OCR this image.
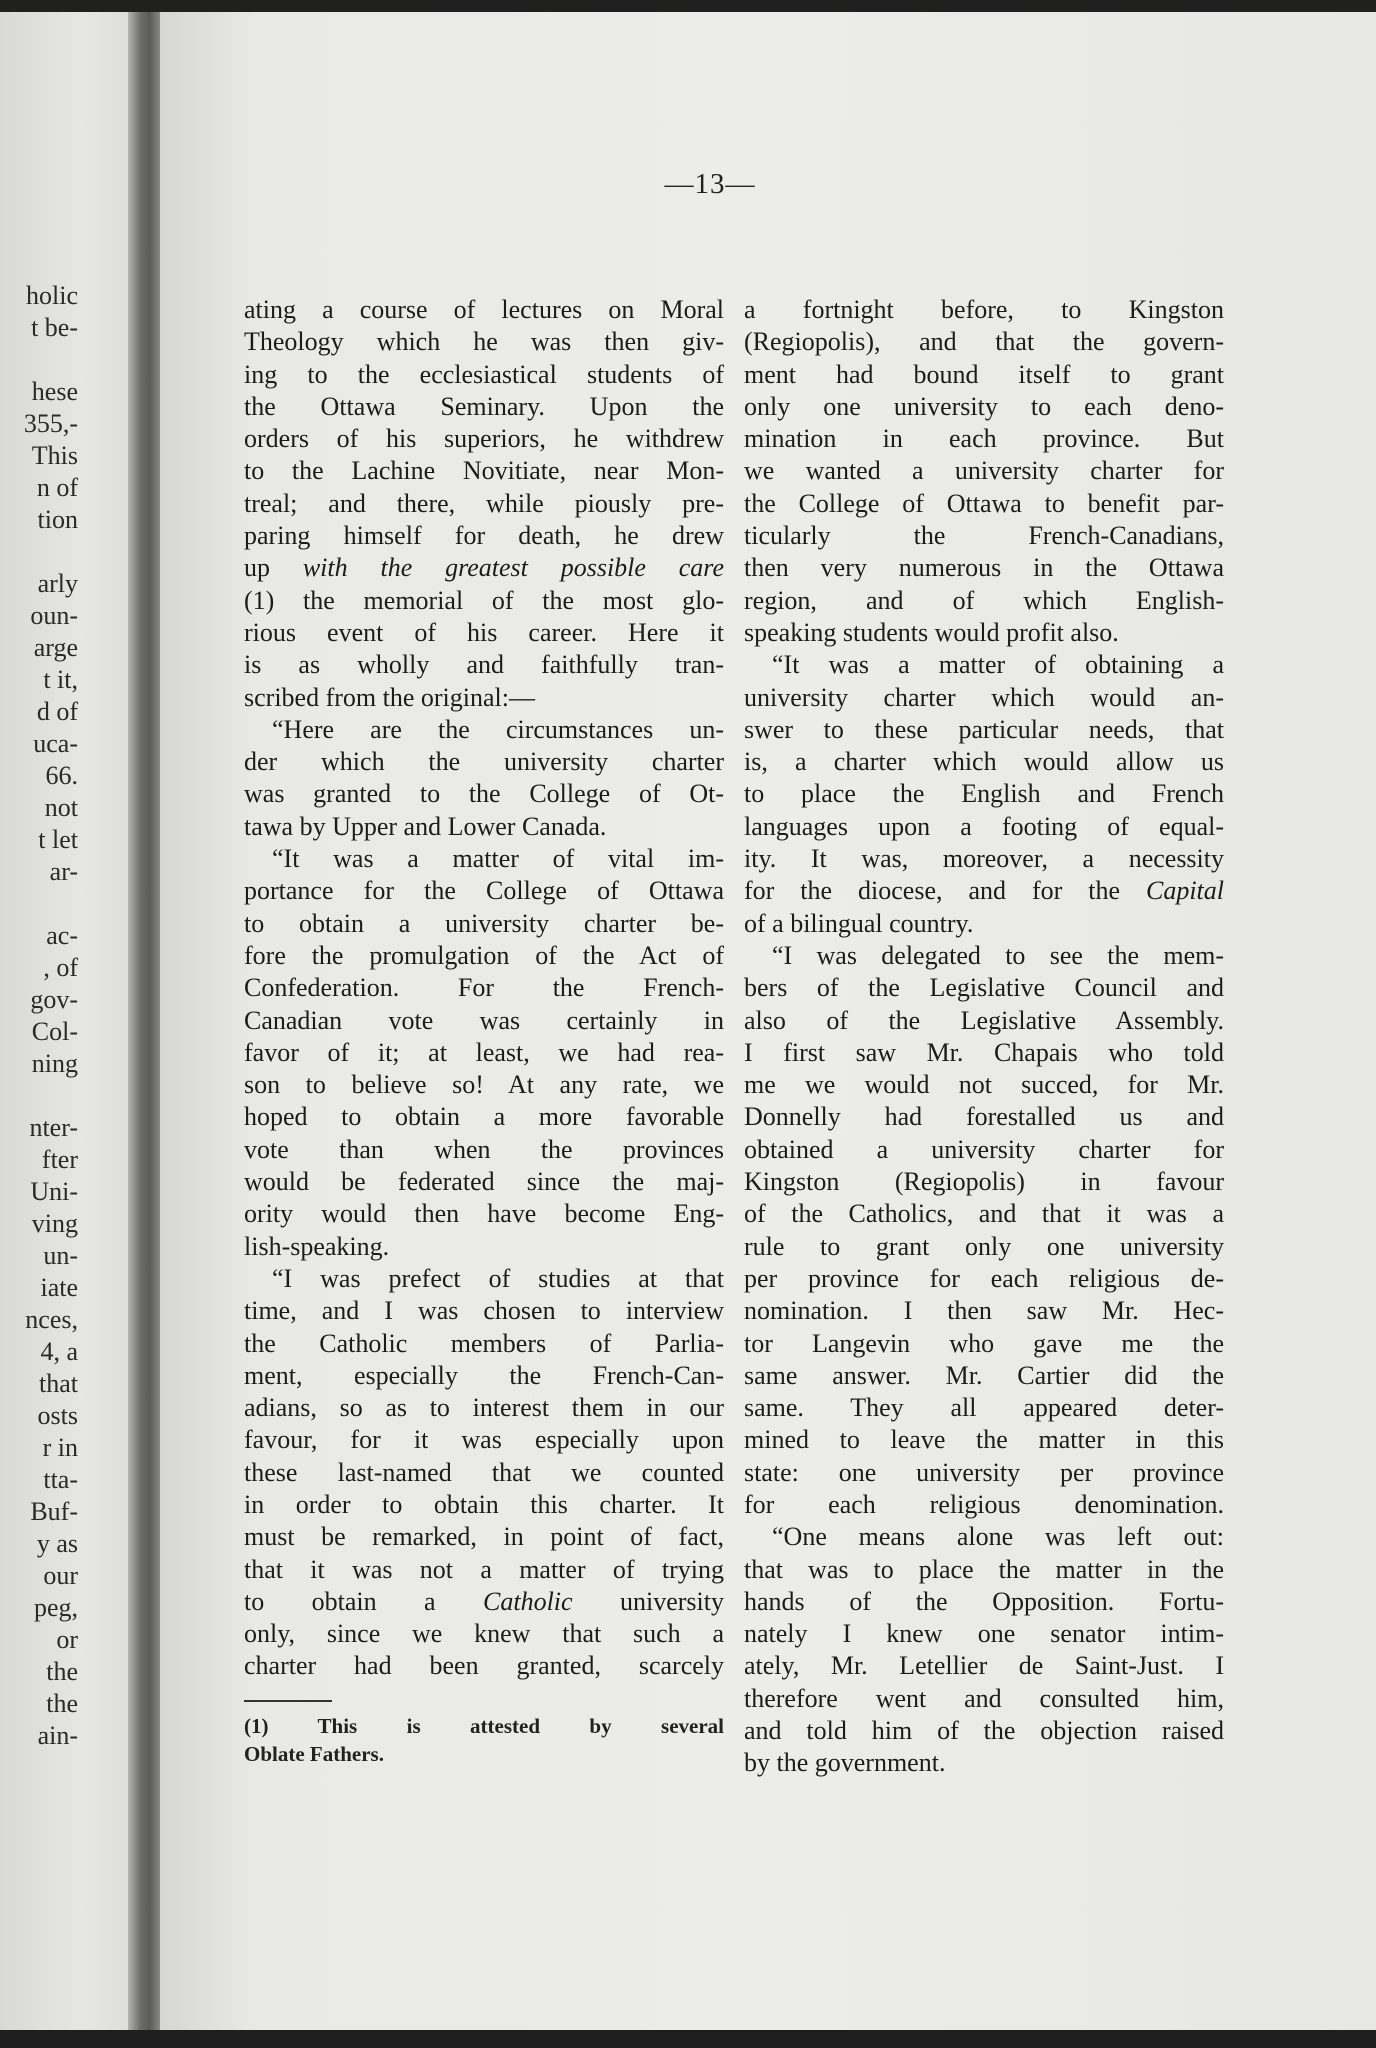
holic
t be-
hese
355,-
This
n of
tion
arly
oun-
arge
t it,
d of
uca-
66.
not
t let
ar-
ac-
, of
gov-
Col-
ning
nter-
fter
Uni-
ving
un-
iate
nces,
4, a
that
osts
r in
tta-
Buf-
y as
our
peg,
or
the
the
ain-
—13—
ating a course of lectures on Moral
Theology which he was then giv-
ing to the ecclesiastical students of
the Ottawa Seminary. Upon the
orders of his superiors, he withdrew
to the Lachine Novitiate, near Mon-
treal; and there, while piously pre-
paring himself for death, he drew
up with the greatest possible care
(1) the memorial of the most glo-
rious event of his career. Here it
is as wholly and faithfully tran-
scribed from the original:—
“Here are the circumstances un-
der which the university charter
was granted to the College of Ot-
tawa by Upper and Lower Canada.
“It was a matter of vital im-
portance for the College of Ottawa
to obtain a university charter be-
fore the promulgation of the Act of
Confederation. For the French-
Canadian vote was certainly in
favor of it; at least, we had rea-
son to believe so! At any rate, we
hoped to obtain a more favorable
vote than when the provinces
would be federated since the maj-
ority would then have become Eng-
lish-speaking.
“I was prefect of studies at that
time, and I was chosen to interview
the Catholic members of Parlia-
ment, especially the French-Can-
adians, so as to interest them in our
favour, for it was especially upon
these last-named that we counted
in order to obtain this charter. It
must be remarked, in point of fact,
that it was not a matter of trying
to obtain a Catholic university
only, since we knew that such a
charter had been granted, scarcely
a fortnight before, to Kingston
(Regiopolis), and that the govern-
ment had bound itself to grant
only one university to each deno-
mination in each province. But
we wanted a university charter for
the College of Ottawa to benefit par-
ticularly the French-Canadians,
then very numerous in the Ottawa
region, and of which English-
speaking students would profit also.
“It was a matter of obtaining a
university charter which would an-
swer to these particular needs, that
is, a charter which would allow us
to place the English and French
languages upon a footing of equal-
ity. It was, moreover, a necessity
for the diocese, and for the Capital
of a bilingual country.
“I was delegated to see the mem-
bers of the Legislative Council and
also of the Legislative Assembly.
I first saw Mr. Chapais who told
me we would not succed, for Mr.
Donnelly had forestalled us and
obtained a university charter for
Kingston (Regiopolis) in favour
of the Catholics, and that it was a
rule to grant only one university
per province for each religious de-
nomination. I then saw Mr. Hec-
tor Langevin who gave me the
same answer. Mr. Cartier did the
same. They all appeared deter-
mined to leave the matter in this
state: one university per province
for each religious denomination.
“One means alone was left out:
that was to place the matter in the
hands of the Opposition. Fortu-
nately I knew one senator intim-
ately, Mr. Letellier de Saint-Just. I
therefore went and consulted him,
and told him of the objection raised
by the government.
(1) This is attested by several
Oblate Fathers.
